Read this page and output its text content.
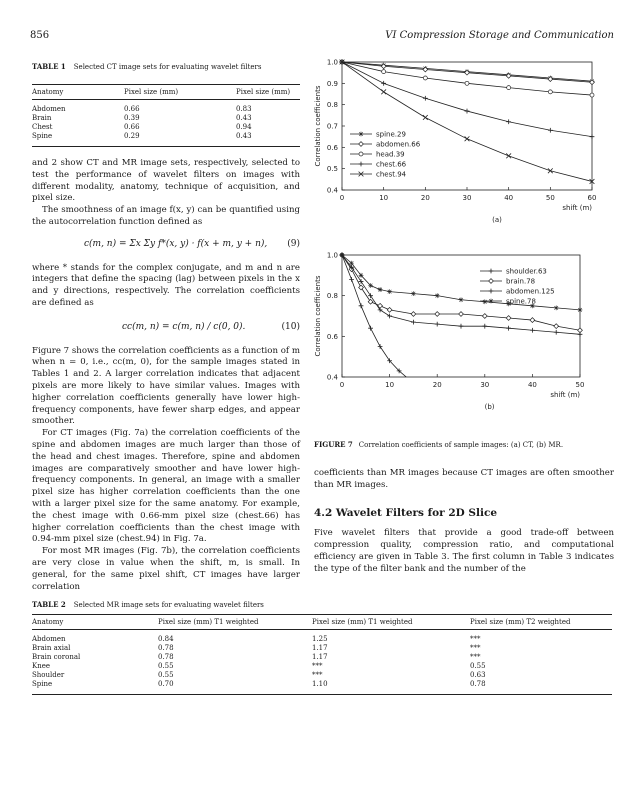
856	VI Compression Storage and Communication
TABLE 1 Selected CT image sets for evaluating wavelet filters
Anatomy	Pixel size (mm)	Pixel size (mm)
Abdomen	0.66	0.83
Brain	0.39	0.43
Chest	0.66	0.94
Spine	0.29	0.43

and 2 show CT and MR image sets, respectively, selected to test the performance of wavelet filters on images with different modality, anatomy, technique of acquisition, and pixel size.

The smoothness of an image f(x, y) can be quantified using the autocorrelation function defined as

c(m, n) = Σx Σy f*(x, y) · f(x + m, y + n), (9)

where * stands for the complex conjugate, and m and n are integers that define the spacing (lag) between pixels in the x and y directions, respectively. The correlation coefficients are defined as

cc(m, n) = c(m, n) / c(0, 0).	(10)

Figure 7 shows the correlation coefficients as a function of m when n = 0, i.e., cc(m, 0), for the sample images stated in Tables 1 and 2. A larger correlation indicates that adjacent pixels are more likely to have similar values. Images with higher correlation coefficients generally have lower high-frequency components, have fewer sharp edges, and appear smoother.

For CT images (Fig. 7a) the correlation coefficients of the spine and abdomen images are much larger than those of the head and chest images. Therefore, spine and abdomen images are comparatively smoother and have lower high-frequency components. In general, an image with a smaller pixel size has higher correlation coefficients than the one with a larger pixel size for the same anatomy. For example, the chest image with 0.66-mm pixel size (chest.66) has higher correlation coefficients than the chest image with 0.94-mm pixel size (chest.94) in Fig. 7a.

For most MR images (Fig. 7b), the correlation coefficients are very close in value when the shift, m, is small. In general, for the same pixel shift, CT images have larger correlation

0	10	20	30	40	50	60
0.4
0.5
0.6
0.7
0.8
0.9
1.0
Correlation coefficients
shift (m)
(a)
spine.29
abdomen.66
head.39
chest.66
chest.94
0	10	20	30	40	50
0.4
0.6
0.8
1.0
Correlation coefficients
shift (m)
(b)
shoulder.63
brain.78
abdomen.125
spine.78
FIGURE 7 Correlation coefficients of sample images: (a) CT, (b) MR.

coefficients than MR images because CT images are often smoother than MR images.

4.2 Wavelet Filters for 2D Slice

Five wavelet filters that provide a good trade-off between compression quality, compression ratio, and computational efficiency are given in Table 3. The first column in Table 3 indicates the type of the filter bank and the number of the

TABLE 2 Selected MR image sets for evaluating wavelet filters
Anatomy	Pixel size (mm) T1 weighted	Pixel size (mm) T1 weighted	Pixel size (mm) T2 weighted
Abdomen	0.84	1.25	***
Brain axial	0.78	1.17	***
Brain coronal	0.78	1.17	***
Knee	0.55	***	0.55
Shoulder	0.55	***	0.63
Spine	0.70	1.10	0.78
